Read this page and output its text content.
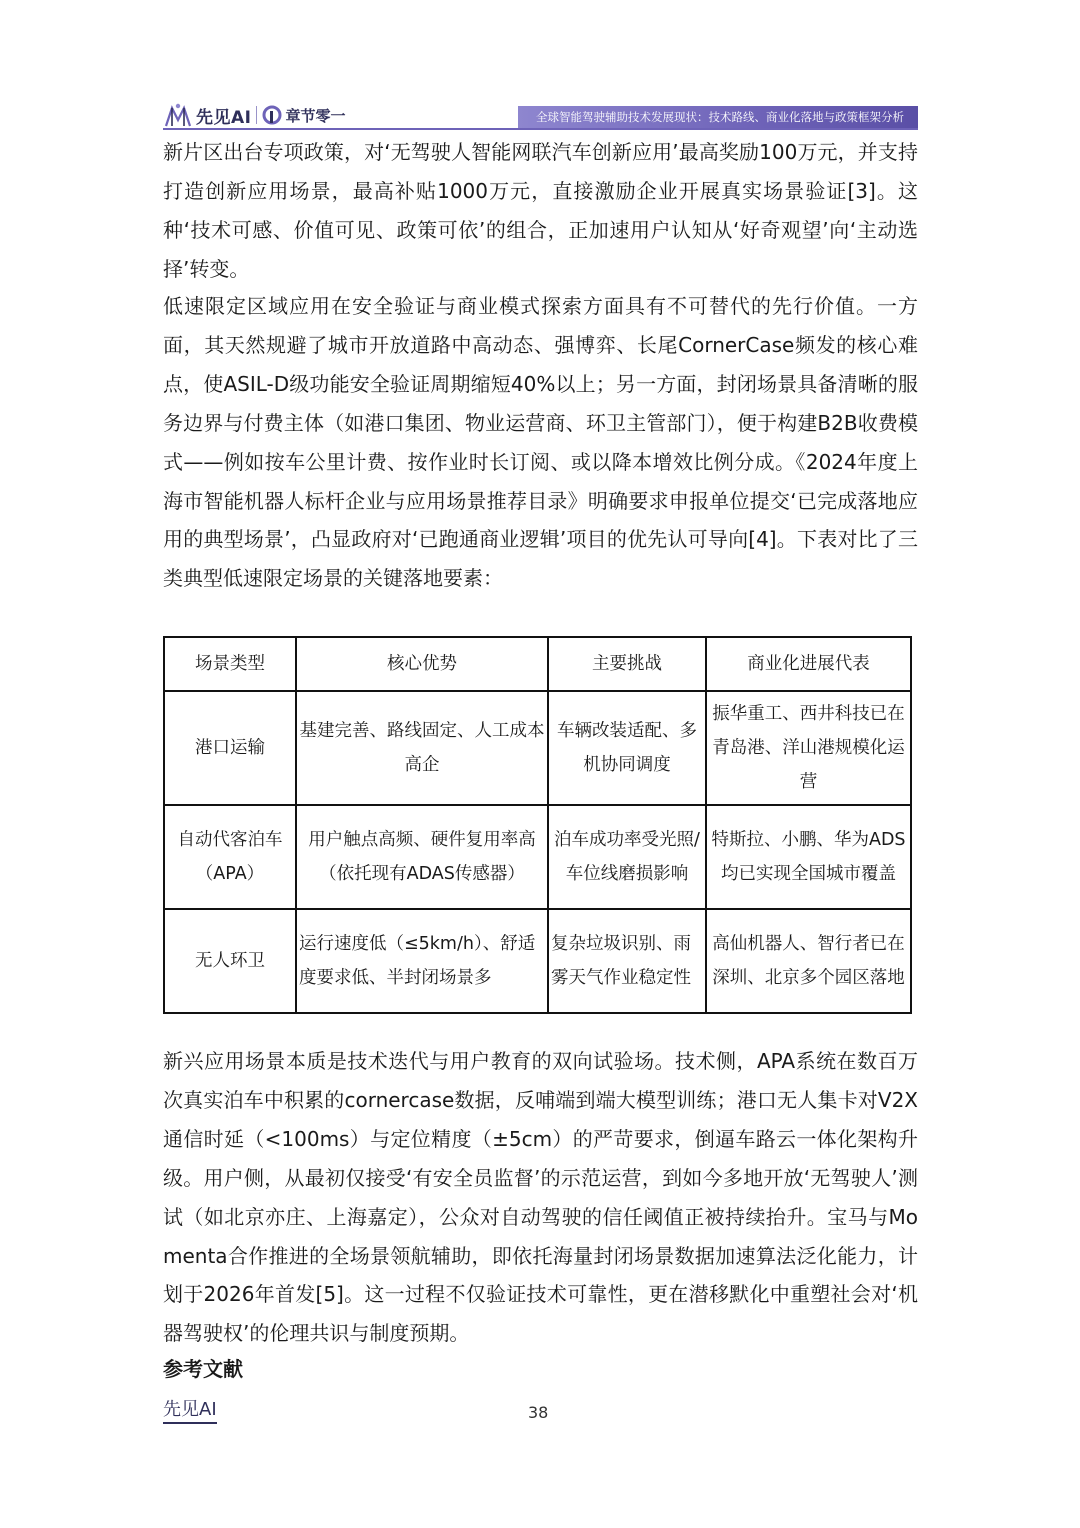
先见AI 章节零一	全球智能驾驶辅助技术发展现状：技术路线、商业化落地与政策框架分析

新片区出台专项政策，对‘无驾驶人智能网联汽车创新应用’最高奖励100万元，并支持打造创新应用场景，最高补贴1000万元，直接激励企业开展真实场景验证[3]。这种‘技术可感、价值可见、政策可依’的组合，正加速用户认知从‘好奇观望’向‘主动选择’转变。

低速限定区域应用在安全验证与商业模式探索方面具有不可替代的先行价值。一方面，其天然规避了城市开放道路中高动态、强博弈、长尾CornerCase频发的核心难点，使ASIL-D级功能安全验证周期缩短40%以上；另一方面，封闭场景具备清晰的服务边界与付费主体（如港口集团、物业运营商、环卫主管部门），便于构建B2B收费模式——例如按车公里计费、按作业时长订阅、或以降本增效比例分成。《2024年度上海市智能机器人标杆企业与应用场景推荐目录》明确要求申报单位提交‘已完成落地应用的典型场景’，凸显政府对‘已跑通商业逻辑’项目的优先认可导向[4]。下表对比了三类典型低速限定场景的关键落地要素：

场景类型	核心优势	主要挑战	商业化进展代表
港口运输	基建完善、路线固定、人工成本高企	车辆改装适配、多机协同调度	振华重工、西井科技已在青岛港、洋山港规模化运营
自动代客泊车（APA）	用户触点高频、硬件复用率高（依托现有ADAS传感器）	泊车成功率受光照/车位线磨损影响	特斯拉、小鹏、华为ADS均已实现全国城市覆盖
无人环卫	运行速度低（≤5km/h）、舒适度要求低、半封闭场景多	复杂垃圾识别、雨雾天气作业稳定性	高仙机器人、智行者已在深圳、北京多个园区落地

新兴应用场景本质是技术迭代与用户教育的双向试验场。技术侧，APA系统在数百万次真实泊车中积累的cornercase数据，反哺端到端大模型训练；港口无人集卡对V2X通信时延（<100ms）与定位精度（±5cm）的严苛要求，倒逼车路云一体化架构升级。用户侧，从最初仅接受‘有安全员监督’的示范运营，到如今多地开放‘无驾驶人’测试（如北京亦庄、上海嘉定），公众对自动驾驶的信任阈值正被持续抬升。宝马与Momenta合作推进的全场景领航辅助，即依托海量封闭场景数据加速算法泛化能力，计划于2026年首发[5]。这一过程不仅验证技术可靠性，更在潜移默化中重塑社会对‘机器驾驶权’的伦理共识与制度预期。

参考文献
先见AI	38
